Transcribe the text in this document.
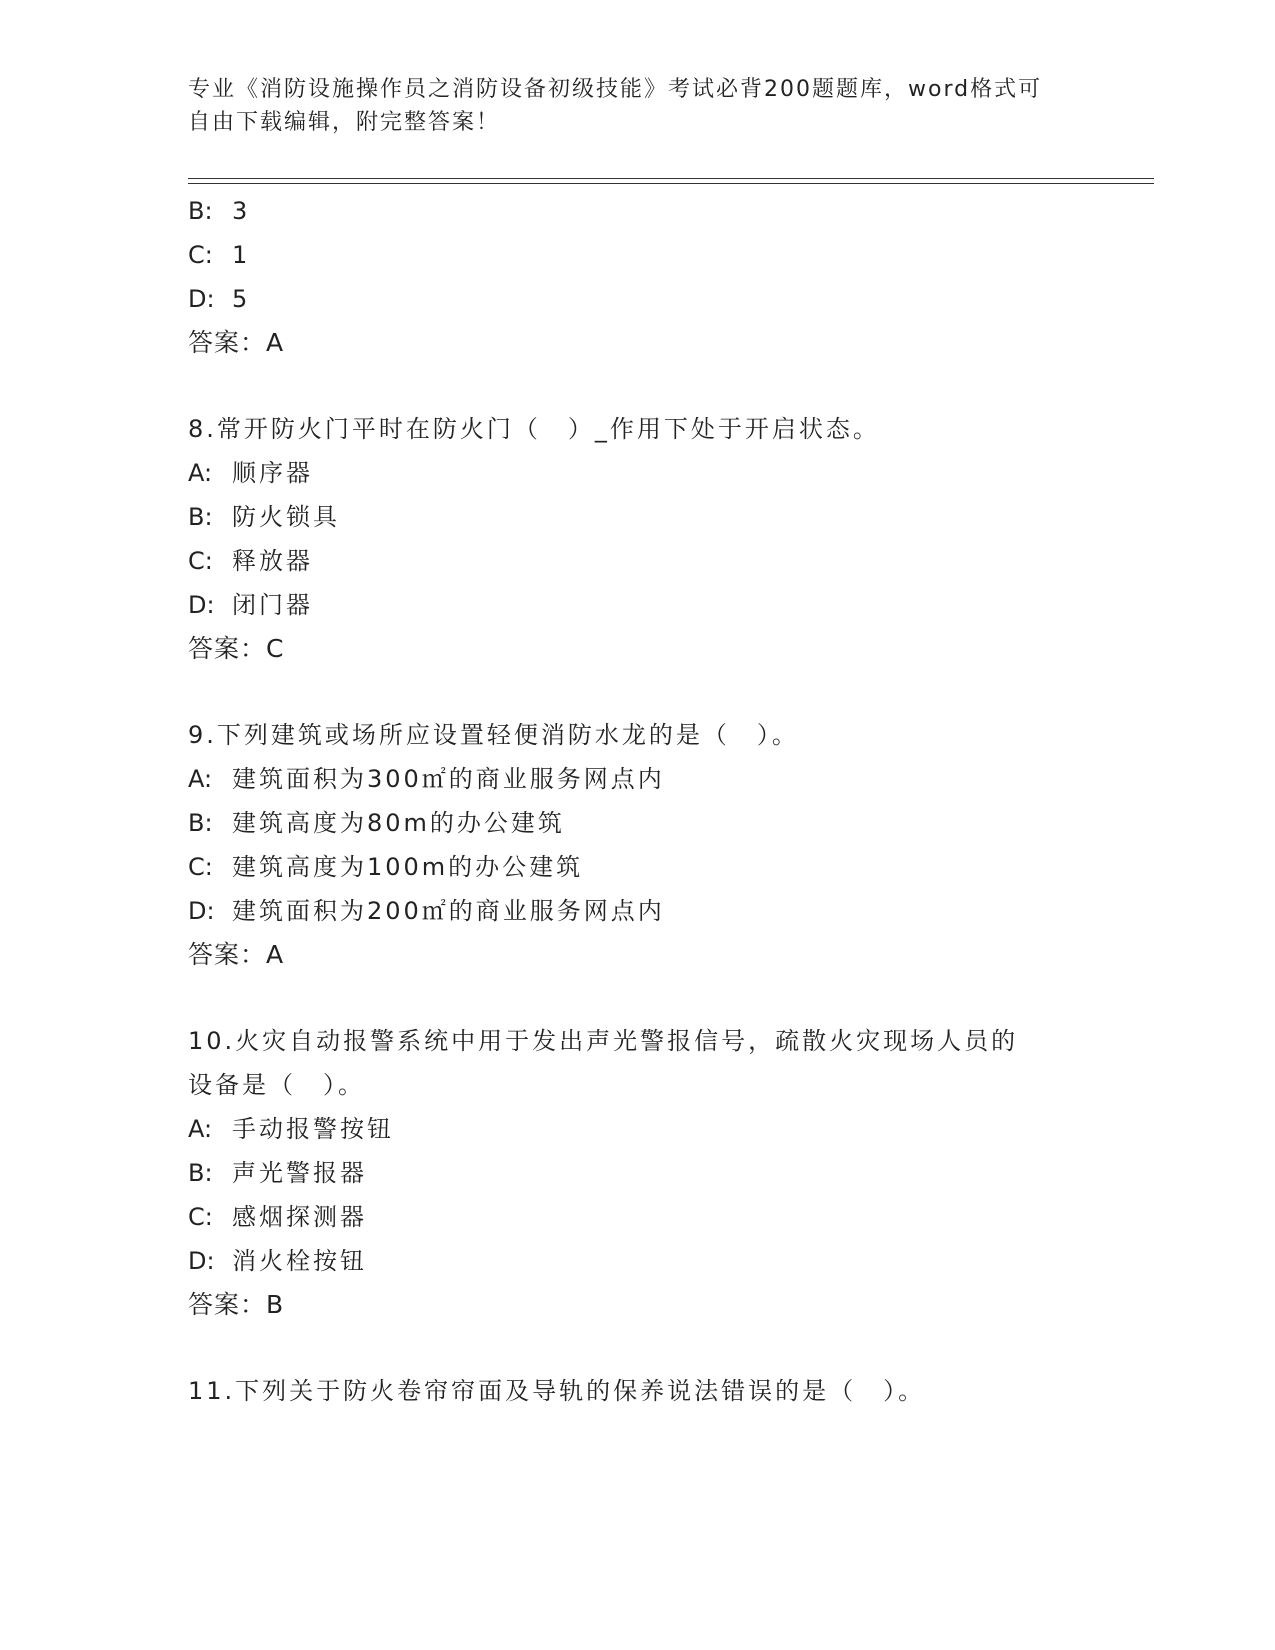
专业《消防设施操作员之消防设备初级技能》考试必背200题题库，word格式可
自由下载编辑，附完整答案！
B: 3
C: 1
D: 5
答案：A
8.常开防火门平时在防火门（　）_作用下处于开启状态。
A: 顺序器
B: 防火锁具
C: 释放器
D: 闭门器
答案：C
9.下列建筑或场所应设置轻便消防水龙的是（　）。
A: 建筑面积为300㎡的商业服务网点内
B: 建筑高度为80m的办公建筑
C: 建筑高度为100m的办公建筑
D: 建筑面积为200㎡的商业服务网点内
答案：A
10.火灾自动报警系统中用于发出声光警报信号，疏散火灾现场人员的
设备是（　）。
A: 手动报警按钮
B: 声光警报器
C: 感烟探测器
D: 消火栓按钮
答案：B
11.下列关于防火卷帘帘面及导轨的保养说法错误的是（　）。
